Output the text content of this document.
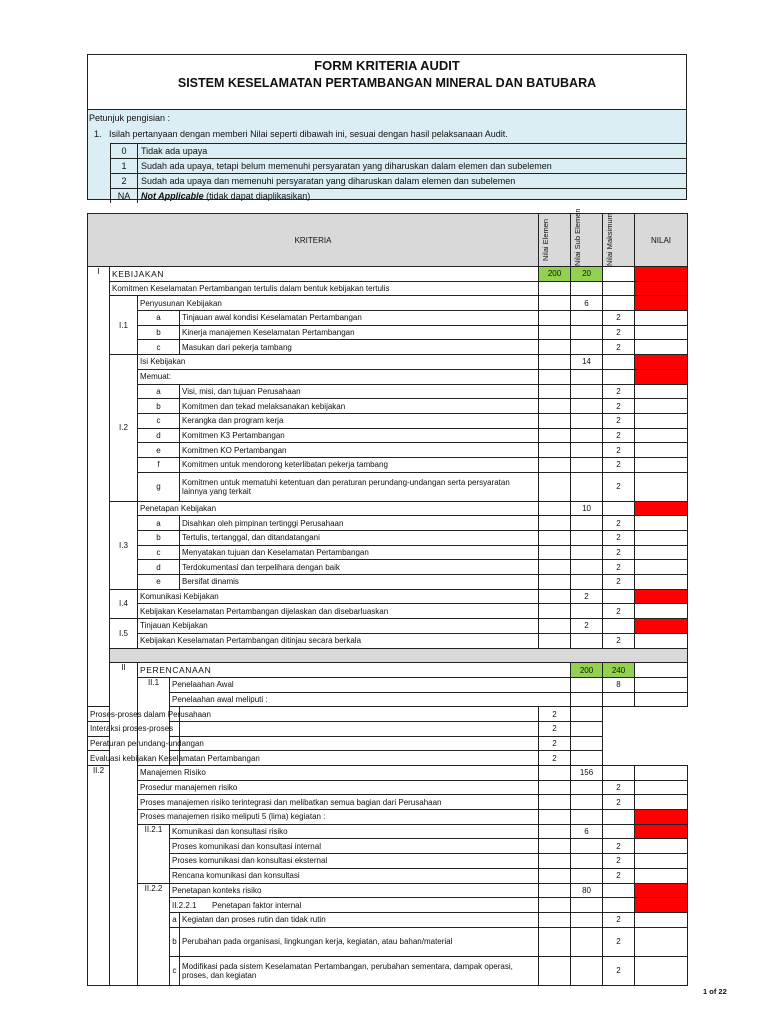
FORM KRITERIA AUDIT
SISTEM KESELAMATAN PERTAMBANGAN MINERAL DAN BATUBARA
Petunjuk pengisian :
1. Isilah pertanyaan dengan memberi Nilai seperti dibawah ini, sesuai dengan hasil pelaksanaan Audit.
0	Tidak ada upaya
1	Sudah ada upaya, tetapi belum memenuhi persyaratan yang diharuskan dalam elemen dan subelemen
2	Sudah ada upaya dan memenuhi persyaratan yang diharuskan dalam elemen dan subelemen
NA	Not Applicable (tidak dapat diaplikasikan)
KRITERIA					Nilai Elemen	Nilai Sub Elemen	Nilai Maksimum	NILAI	
I	KEBIJAKAN				200	20			
	Komitmen Keselamatan Pertambangan tertulis dalam bentuk kebijakan tertulis								
	I.1	Penyusunan Kebijakan				6			
		a		Tinjauan awal kondisi Keselamatan Pertambangan			2		
		b		Kinerja manajemen Keselamatan Pertambangan			2		
		c		Masukan dari pekerja tambang			2		
	I.2	Isi Kebijakan				14			
		Memuat:							
		a		Visi, misi, dan tujuan Perusahaan			2		
		b		Komitmen dan tekad melaksanakan kebijakan			2		
		c		Kerangka dan program kerja			2		
		d		Komitmen K3 Pertambangan			2		
		e		Komitmen KO Pertambangan			2		
		f		Komitmen untuk mendorong keterlibatan pekerja tambang			2		
		g		Komitmen untuk mematuhi ketentuan dan peraturan perundang-undangan serta persyaratan lainnya yang terkait			2		
	I.3	Penetapan Kebijakan				10			
		a		Disahkan oleh pimpinan tertinggi Perusahaan			2		
		b		Tertulis, tertanggal, dan ditandatangani			2		
		c		Menyatakan tujuan dan Keselamatan Pertambangan			2		
		d		Terdokumentasi dan terpelihara dengan baik			2		
		e		Bersifat dinamis			2		
	I.4	Komunikasi Kebijakan				2			
		Kebijakan Keselamatan Pertambangan dijelaskan dan disebarluaskan					2		
	I.5	Tinjauan Kebijakan				2			
		Kebijakan Keselamatan Pertambangan ditinjau secara berkala					2		

	II	PERENCANAAN				200	240		
		II.1	Penelaahan Awal				8		
			Penelaahan awal meliputi :						
Proses-proses dalam Perusahaan					2				
Interaksi proses-proses					2				
Peraturan perundang-undangan					2				
Evaluasi kebijakan Keselamatan Pertambangan					2				
II.2		Manajemen Risiko				156			
		Prosedur manajemen risiko					2		
		Proses manajemen risiko terintegrasi dan melibatkan semua bagian dari Perusahaan					2		
		Proses manajemen risiko meliputi 5 (lima) kegiatan :							
		II.2.1	Komunikasi dan konsultasi risiko			6			
			Proses komunikasi dan konsultasi internal				2		
			Proses komunikasi dan konsultasi eksternal				2		
			Rencana komunikasi dan konsultasi				2		
		II.2.2	Penetapan konteks risiko			80			
			II.2.2.1 Penetapan faktor internal						
			a	Kegiatan dan proses rutin dan tidak rutin			2		
			b	Perubahan pada organisasi, lingkungan kerja, kegiatan, atau bahan/material			2		
			c	Modifikasi pada sistem Keselamatan Pertambangan, perubahan sementara, dampak operasi, proses, dan kegiatan			2		
1 of 22
